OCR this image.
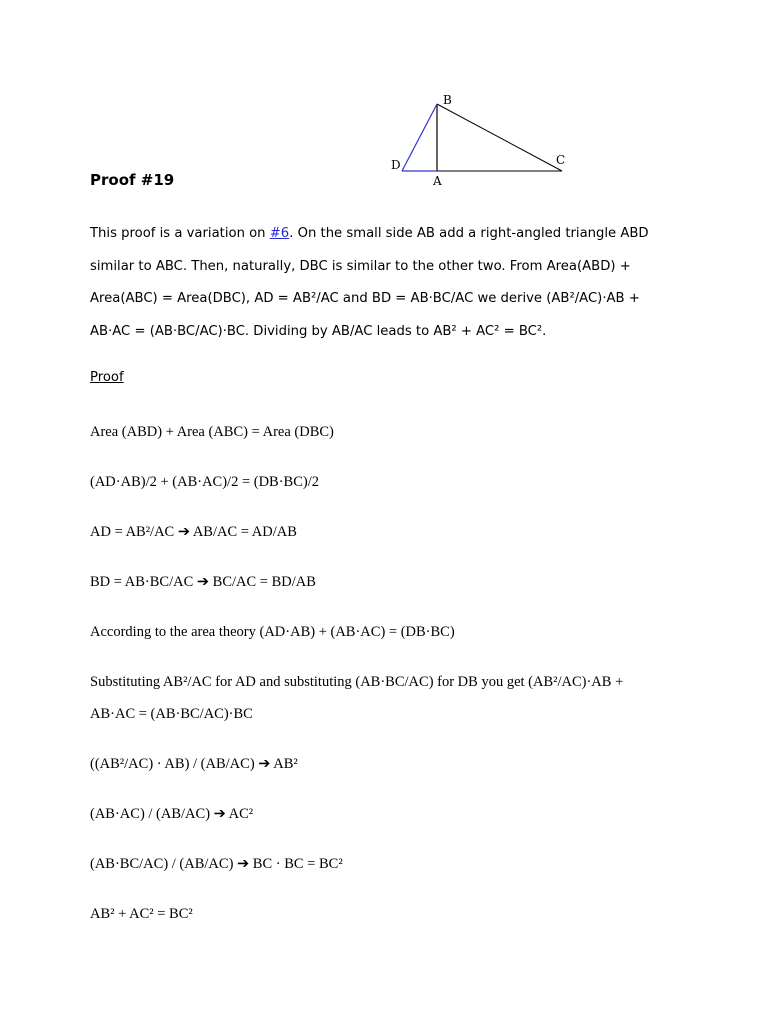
B
C
D
A
Proof #19
This proof is a variation on #6. On the small side AB add a right-angled triangle ABD similar to ABC. Then, naturally, DBC is similar to the other two. From Area(ABD) + Area(ABC) = Area(DBC), AD = AB²/AC and BD = AB·BC/AC we derive (AB²/AC)·AB + AB·AC = (AB·BC/AC)·BC. Dividing by AB/AC leads to AB² + AC² = BC².
Proof
Area (ABD) + Area (ABC) = Area (DBC)
(AD·AB)/2 + (AB·AC)/2 = (DB·BC)/2
AD = AB²/AC ➔ AB/AC = AD/AB
BD = AB·BC/AC ➔ BC/AC = BD/AB
According to the area theory (AD·AB) + (AB·AC) = (DB·BC)
Substituting AB²/AC for AD and substituting (AB·BC/AC) for DB you get (AB²/AC)·AB + AB·AC = (AB·BC/AC)·BC
((AB²/AC) · AB) / (AB/AC) ➔ AB²
(AB·AC) / (AB/AC) ➔ AC²
(AB·BC/AC) / (AB/AC) ➔ BC · BC = BC²
AB² + AC² = BC²
